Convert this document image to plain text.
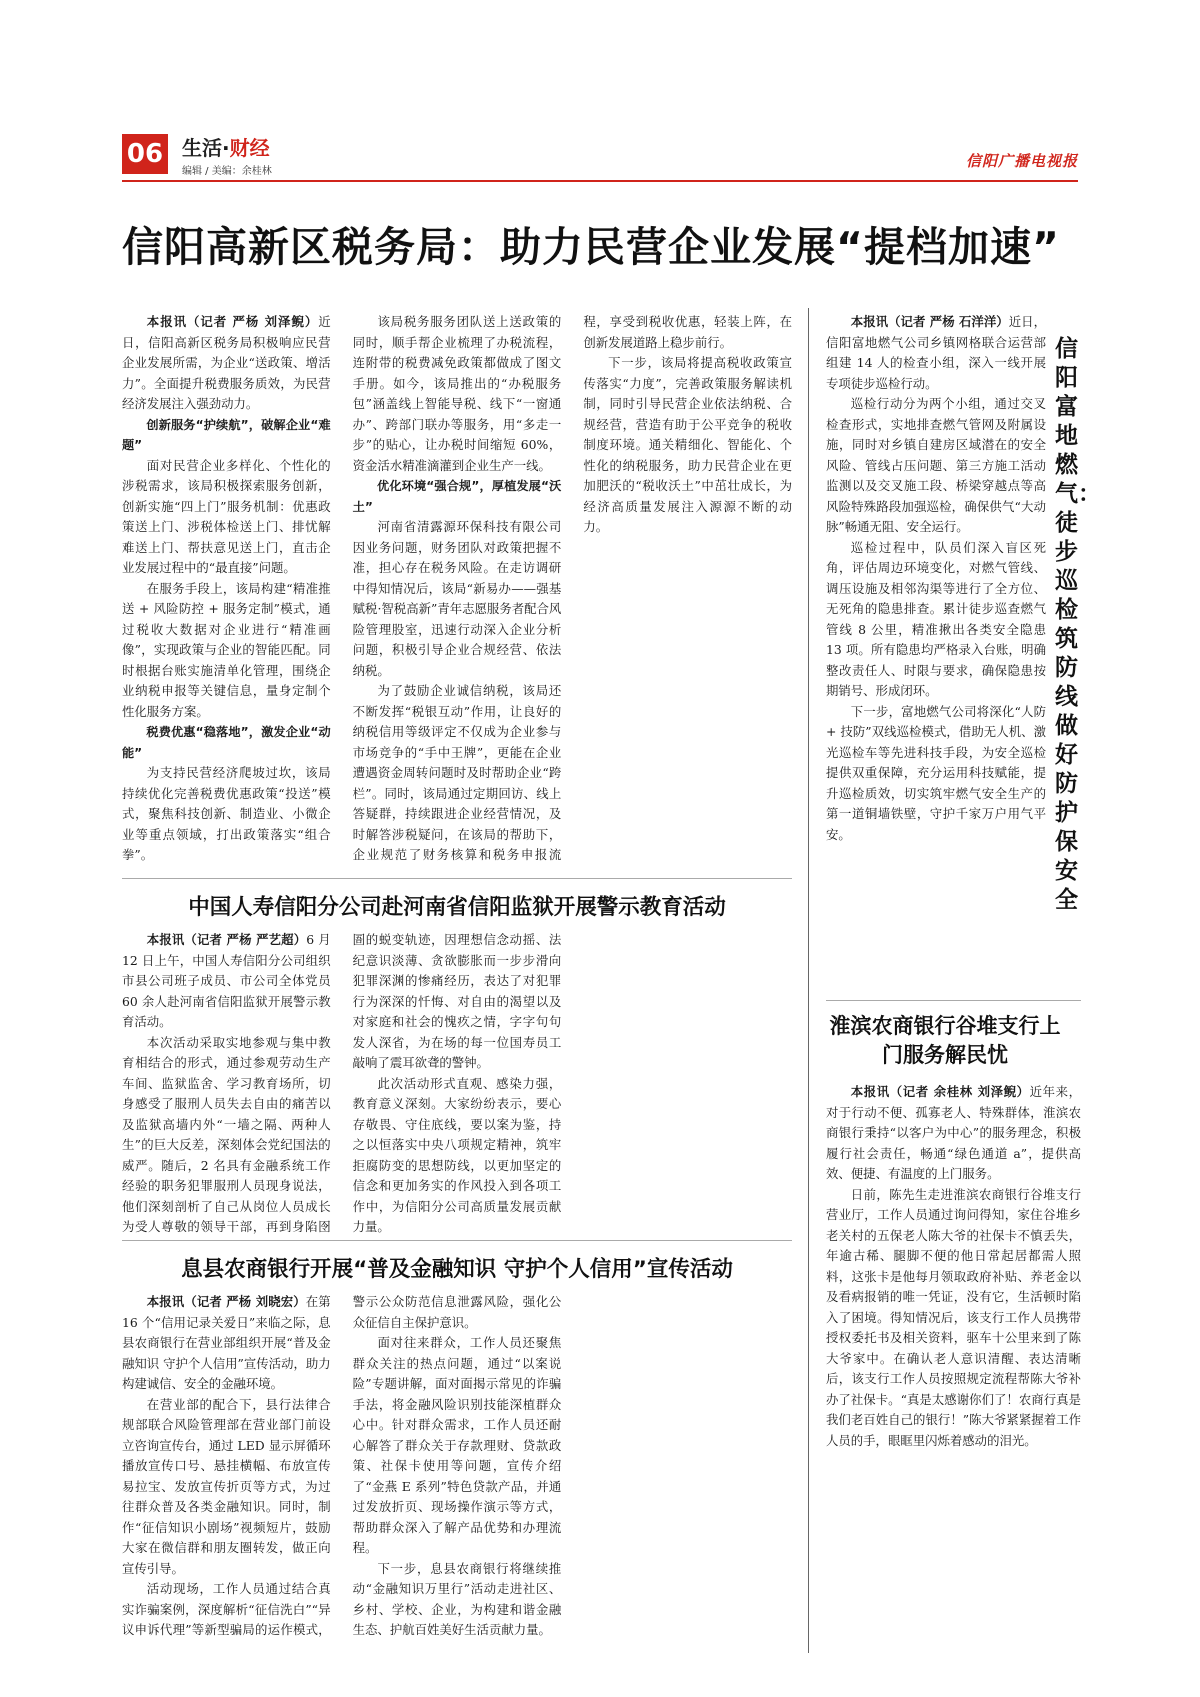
06 生活·财经
编辑 / 美编：余桂林
信阳广播电视报
信阳高新区税务局：助力民营企业发展“提档加速”

本报讯（记者 严杨 刘泽鲵）近日，信阳高新区税务局积极响应民营企业发展所需，为企业“送政策、增活力”。全面提升税费服务质效，为民营经济发展注入强劲动力。

创新服务“护续航”，破解企业“难题”

面对民营企业多样化、个性化的涉税需求，该局积极探索服务创新，创新实施“四上门”服务机制：优惠政策送上门、涉税体检送上门、排忧解难送上门、帮扶意见送上门，直击企业发展过程中的“最直接”问题。

在服务手段上，该局构建“精准推送 + 风险防控 + 服务定制”模式，通过税收大数据对企业进行“精准画像”，实现政策与企业的智能匹配。同时根据台账实施清单化管理，围绕企业纳税申报等关键信息，量身定制个性化服务方案。

税费优惠“稳落地”，激发企业“动能”

为支持民营经济爬坡过坎，该局持续优化完善税费优惠政策“投送”模式，聚焦科技创新、制造业、小微企业等重点领域，打出政策落实“组合拳”。

该局税务服务团队送上送政策的同时，顺手帮企业梳理了办税流程，连附带的税费减免政策都做成了图文手册。如今，该局推出的“办税服务包”涵盖线上智能导税、线下“一窗通办”、跨部门联办等服务，用“多走一步”的贴心，让办税时间缩短 60%，资金活水精准滴灌到企业生产一线。

优化环境“强合规”，厚植发展“沃土”

河南省清露源环保科技有限公司因业务问题，财务团队对政策把握不准，担心存在税务风险。在走访调研中得知情况后，该局“新易办——强基赋税·智税高新”青年志愿服务者配合风险管理股室，迅速行动深入企业分析问题，积极引导企业合规经营、依法纳税。

为了鼓励企业诚信纳税，该局还不断发挥“税银互动”作用，让良好的纳税信用等级评定不仅成为企业参与市场竞争的“手中王牌”，更能在企业遭遇资金周转问题时及时帮助企业“跨栏”。同时，该局通过定期回访、线上答疑群，持续跟进企业经营情况，及时解答涉税疑问，在该局的帮助下，企业规范了财务核算和税务申报流程，享受到税收优惠，轻装上阵，在创新发展道路上稳步前行。

下一步，该局将提高税收政策宣传落实“力度”，完善政策服务解读机制，同时引导民营企业依法纳税、合规经营，营造有助于公平竞争的税收制度环境。通关精细化、智能化、个性化的纳税服务，助力民营企业在更加肥沃的“税收沃土”中茁壮成长，为经济高质量发展注入源源不断的动力。

信阳富地燃气：徒步巡检筑防线 做好防护保安全

本报讯（记者 严杨 石洋洋）近日，信阳富地燃气公司乡镇网格联合运营部组建 14 人的检查小组，深入一线开展专项徒步巡检行动。

巡检行动分为两个小组，通过交叉检查形式，实地排查燃气管网及附属设施，同时对乡镇自建房区域潜在的安全风险、管线占压问题、第三方施工活动监测以及交叉施工段、桥梁穿越点等高风险特殊路段加强巡检，确保供气“大动脉”畅通无阻、安全运行。

巡检过程中，队员们深入盲区死角，评估周边环境变化，对燃气管线、调压设施及相邻沟渠等进行了全方位、无死角的隐患排查。累计徒步巡查燃气管线 8 公里，精准揪出各类安全隐患 13 项。所有隐患均严格录入台账，明确整改责任人、时限与要求，确保隐患按期销号、形成闭环。

下一步，富地燃气公司将深化“人防 + 技防”双线巡检模式，借助无人机、激光巡检车等先进科技手段，为安全巡检提供双重保障，充分运用科技赋能，提升巡检质效，切实筑牢燃气安全生产的第一道铜墙铁壁，守护千家万户用气平安。

淮滨农商银行谷堆支行上门服务解民忧

本报讯（记者 余桂林 刘泽鲵）近年来，对于行动不便、孤寡老人、特殊群体，淮滨农商银行秉持“以客户为中心”的服务理念，积极履行社会责任，畅通“绿色通道 a”，提供高效、便捷、有温度的上门服务。

日前，陈先生走进淮滨农商银行谷堆支行营业厅，工作人员通过询问得知，家住谷堆乡老关村的五保老人陈大爷的社保卡不慎丢失，年逾古稀、腿脚不便的他日常起居都需人照料，这张卡是他每月领取政府补贴、养老金以及看病报销的唯一凭证，没有它，生活顿时陷入了困境。得知情况后，该支行工作人员携带授权委托书及相关资料，驱车十公里来到了陈大爷家中。在确认老人意识清醒、表达清晰后，该支行工作人员按照规定流程帮陈大爷补办了社保卡。“真是太感谢你们了！农商行真是我们老百姓自己的银行！”陈大爷紧紧握着工作人员的手，眼眶里闪烁着感动的泪光。

中国人寿信阳分公司赴河南省信阳监狱开展警示教育活动

本报讯（记者 严杨 严艺超）6 月 12 日上午，中国人寿信阳分公司组织市县公司班子成员、市公司全体党员 60 余人赴河南省信阳监狱开展警示教育活动。

本次活动采取实地参观与集中教育相结合的形式，通过参观劳动生产车间、监狱监舍、学习教育场所，切身感受了服刑人员失去自由的痛苦以及监狱高墙内外“一墙之隔、两种人生”的巨大反差，深刻体会党纪国法的威严。随后，2 名具有金融系统工作经验的职务犯罪服刑人员现身说法，他们深刻剖析了自己从岗位人员成长为受人尊敬的领导干部，再到身陷囹圄的蜕变轨迹，因理想信念动摇、法纪意识淡薄、贪欲膨胀而一步步滑向犯罪深渊的惨痛经历，表达了对犯罪行为深深的忏悔、对自由的渴望以及对家庭和社会的愧疚之情，字字句句发人深省，为在场的每一位国寿员工敲响了震耳欲聋的警钟。

此次活动形式直观、感染力强，教育意义深刻。大家纷纷表示，要心存敬畏、守住底线，要以案为鉴，持之以恒落实中央八项规定精神，筑牢拒腐防变的思想防线，以更加坚定的信念和更加务实的作风投入到各项工作中，为信阳分公司高质量发展贡献力量。

息县农商银行开展“普及金融知识 守护个人信用”宣传活动

本报讯（记者 严杨 刘晓宏）在第 16 个“信用记录关爱日”来临之际，息县农商银行在营业部组织开展“普及金融知识 守护个人信用”宣传活动，助力构建诚信、安全的金融环境。

在营业部的配合下，县行法律合规部联合风险管理部在营业部门前设立咨询宣传台，通过 LED 显示屏循环播放宣传口号、悬挂横幅、布放宣传易拉宝、发放宣传折页等方式，为过往群众普及各类金融知识。同时，制作“征信知识小剧场”视频短片，鼓励大家在微信群和朋友圈转发，做正向宣传引导。

活动现场，工作人员通过结合真实诈骗案例，深度解析“征信洗白”“异议申诉代理”等新型骗局的运作模式，警示公众防范信息泄露风险，强化公众征信自主保护意识。

面对往来群众，工作人员还聚焦群众关注的热点问题，通过“以案说险”专题讲解，面对面揭示常见的诈骗手法，将金融风险识别技能深植群众心中。针对群众需求，工作人员还耐心解答了群众关于存款理财、贷款政策、社保卡使用等问题，宣传介绍了“金燕 E 系列”特色贷款产品，并通过发放折页、现场操作演示等方式，帮助群众深入了解产品优势和办理流程。

下一步，息县农商银行将继续推动“金融知识万里行”活动走进社区、乡村、学校、企业，为构建和谐金融生态、护航百姓美好生活贡献力量。
